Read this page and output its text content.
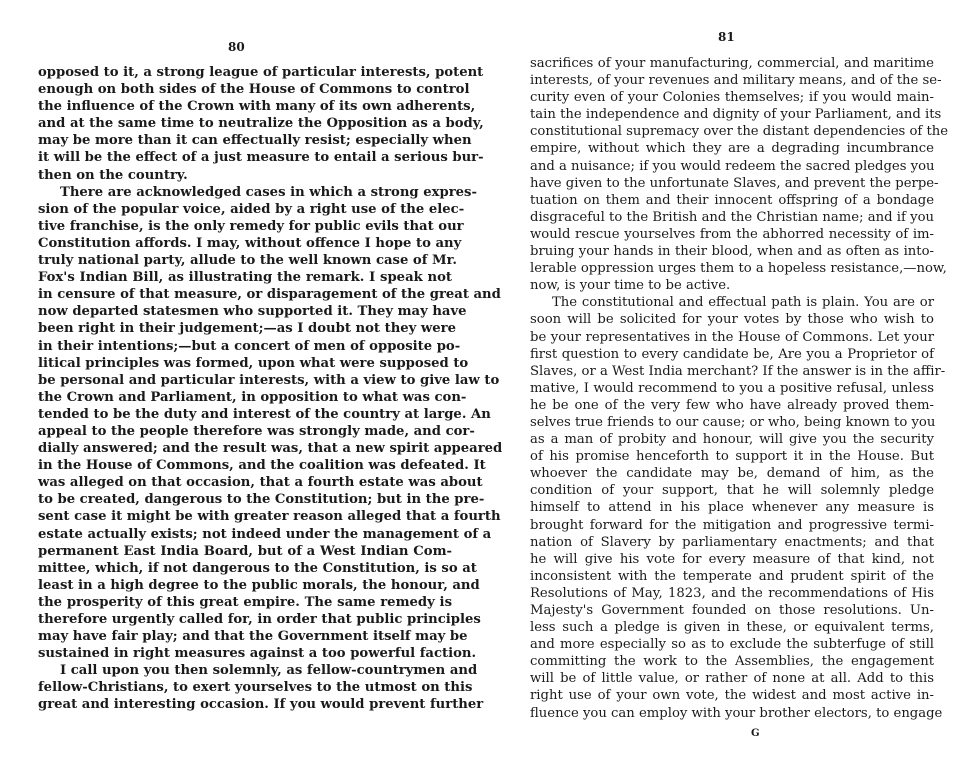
80
opposed to it, a strong league of particular interests, potent
enough on both sides of the House of Commons to control
the influence of the Crown with many of its own adherents,
and at the same time to neutralize the Opposition as a body,
may be more than it can effectually resist; especially when
it will be the effect of a just measure to entail a serious bur-
then on the country.
There are acknowledged cases in which a strong expres-
sion of the popular voice, aided by a right use of the elec-
tive franchise, is the only remedy for public evils that our
Constitution affords. I may, without offence I hope to any
truly national party, allude to the well known case of Mr.
Fox's Indian Bill, as illustrating the remark. I speak not
in censure of that measure, or disparagement of the great and
now departed statesmen who supported it. They may have
been right in their judgement;—as I doubt not they were
in their intentions;—but a concert of men of opposite po-
litical principles was formed, upon what were supposed to
be personal and particular interests, with a view to give law to
the Crown and Parliament, in opposition to what was con-
tended to be the duty and interest of the country at large. An
appeal to the people therefore was strongly made, and cor-
dially answered; and the result was, that a new spirit appeared
in the House of Commons, and the coalition was defeated. It
was alleged on that occasion, that a fourth estate was about
to be created, dangerous to the Constitution; but in the pre-
sent case it might be with greater reason alleged that a fourth
estate actually exists; not indeed under the management of a
permanent East India Board, but of a West Indian Com-
mittee, which, if not dangerous to the Constitution, is so at
least in a high degree to the public morals, the honour, and
the prosperity of this great empire. The same remedy is
therefore urgently called for, in order that public principles
may have fair play; and that the Government itself may be
sustained in right measures against a too powerful faction.
I call upon you then solemnly, as fellow-countrymen and
fellow-Christians, to exert yourselves to the utmost on this
great and interesting occasion. If you would prevent further
81
sacrifices of your manufacturing, commercial, and maritime
interests, of your revenues and military means, and of the se-
curity even of your Colonies themselves; if you would main-
tain the independence and dignity of your Parliament, and its
constitutional supremacy over the distant dependencies of the
empire, without which they are a degrading incumbrance
and a nuisance; if you would redeem the sacred pledges you
have given to the unfortunate Slaves, and prevent the perpe-
tuation on them and their innocent offspring of a bondage
disgraceful to the British and the Christian name; and if you
would rescue yourselves from the abhorred necessity of im-
bruing your hands in their blood, when and as often as into-
lerable oppression urges them to a hopeless resistance,—now,
now, is your time to be active.
The constitutional and effectual path is plain. You are or
soon will be solicited for your votes by those who wish to
be your representatives in the House of Commons. Let your
first question to every candidate be, Are you a Proprietor of
Slaves, or a West India merchant? If the answer is in the affir-
mative, I would recommend to you a positive refusal, unless
he be one of the very few who have already proved them-
selves true friends to our cause; or who, being known to you
as a man of probity and honour, will give you the security
of his promise henceforth to support it in the House. But
whoever the candidate may be, demand of him, as the
condition of your support, that he will solemnly pledge
himself to attend in his place whenever any measure is
brought forward for the mitigation and progressive termi-
nation of Slavery by parliamentary enactments; and that
he will give his vote for every measure of that kind, not
inconsistent with the temperate and prudent spirit of the
Resolutions of May, 1823, and the recommendations of His
Majesty's Government founded on those resolutions. Un-
less such a pledge is given in these, or equivalent terms,
and more especially so as to exclude the subterfuge of still
committing the work to the Assemblies, the engagement
will be of little value, or rather of none at all. Add to this
right use of your own vote, the widest and most active in-
fluence you can employ with your brother electors, to engage
G
